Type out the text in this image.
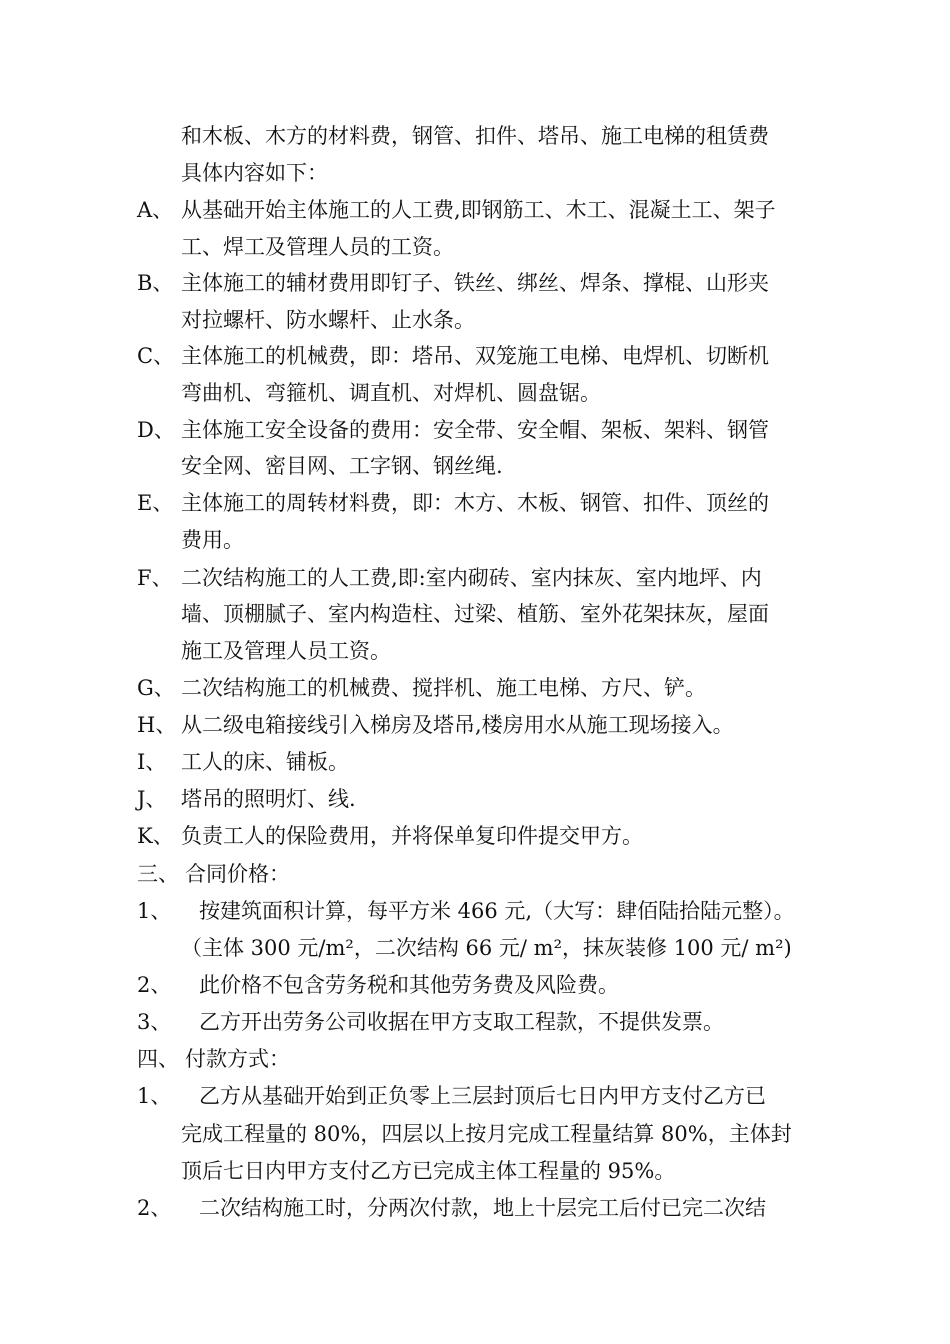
和木板、木方的材料费，钢管、扣件、塔吊、施工电梯的租赁费
具体内容如下：
A、 从基础开始主体施工的人工费,即钢筋工、木工、混凝土工、架子
工、焊工及管理人员的工资。
B、 主体施工的辅材费用即钉子、铁丝、绑丝、焊条、撑棍、山形夹
对拉螺杆、防水螺杆、止水条。
C、 主体施工的机械费，即：塔吊、双笼施工电梯、电焊机、切断机
弯曲机、弯箍机、调直机、对焊机、圆盘锯。
D、 主体施工安全设备的费用：安全带、安全帽、架板、架料、钢管
安全网、密目网、工字钢、钢丝绳.
E、 主体施工的周转材料费，即：木方、木板、钢管、扣件、顶丝的
费用。
F、 二次结构施工的人工费,即:室内砌砖、室内抹灰、室内地坪、内
墙、顶棚腻子、室内构造柱、过梁、植筋、室外花架抹灰，屋面
施工及管理人员工资。
G、 二次结构施工的机械费、搅拌机、施工电梯、方尺、铲。
H、 从二级电箱接线引入梯房及塔吊,楼房用水从施工现场接入。
I、 工人的床、铺板。
J、 塔吊的照明灯、线.
K、 负责工人的保险费用，并将保单复印件提交甲方。
三、 合同价格：
1、 按建筑面积计算，每平方米 466 元,（大写：肆佰陆拾陆元整）。
（主体 300 元/m²，二次结构 66 元/ m²，抹灰装修 100 元/ m²)
2、 此价格不包含劳务税和其他劳务费及风险费。
3、 乙方开出劳务公司收据在甲方支取工程款，不提供发票。
四、 付款方式：
1、 乙方从基础开始到正负零上三层封顶后七日内甲方支付乙方已
完成工程量的 80%，四层以上按月完成工程量结算 80%，主体封
顶后七日内甲方支付乙方已完成主体工程量的 95%。
2、 二次结构施工时，分两次付款，地上十层完工后付已完二次结
